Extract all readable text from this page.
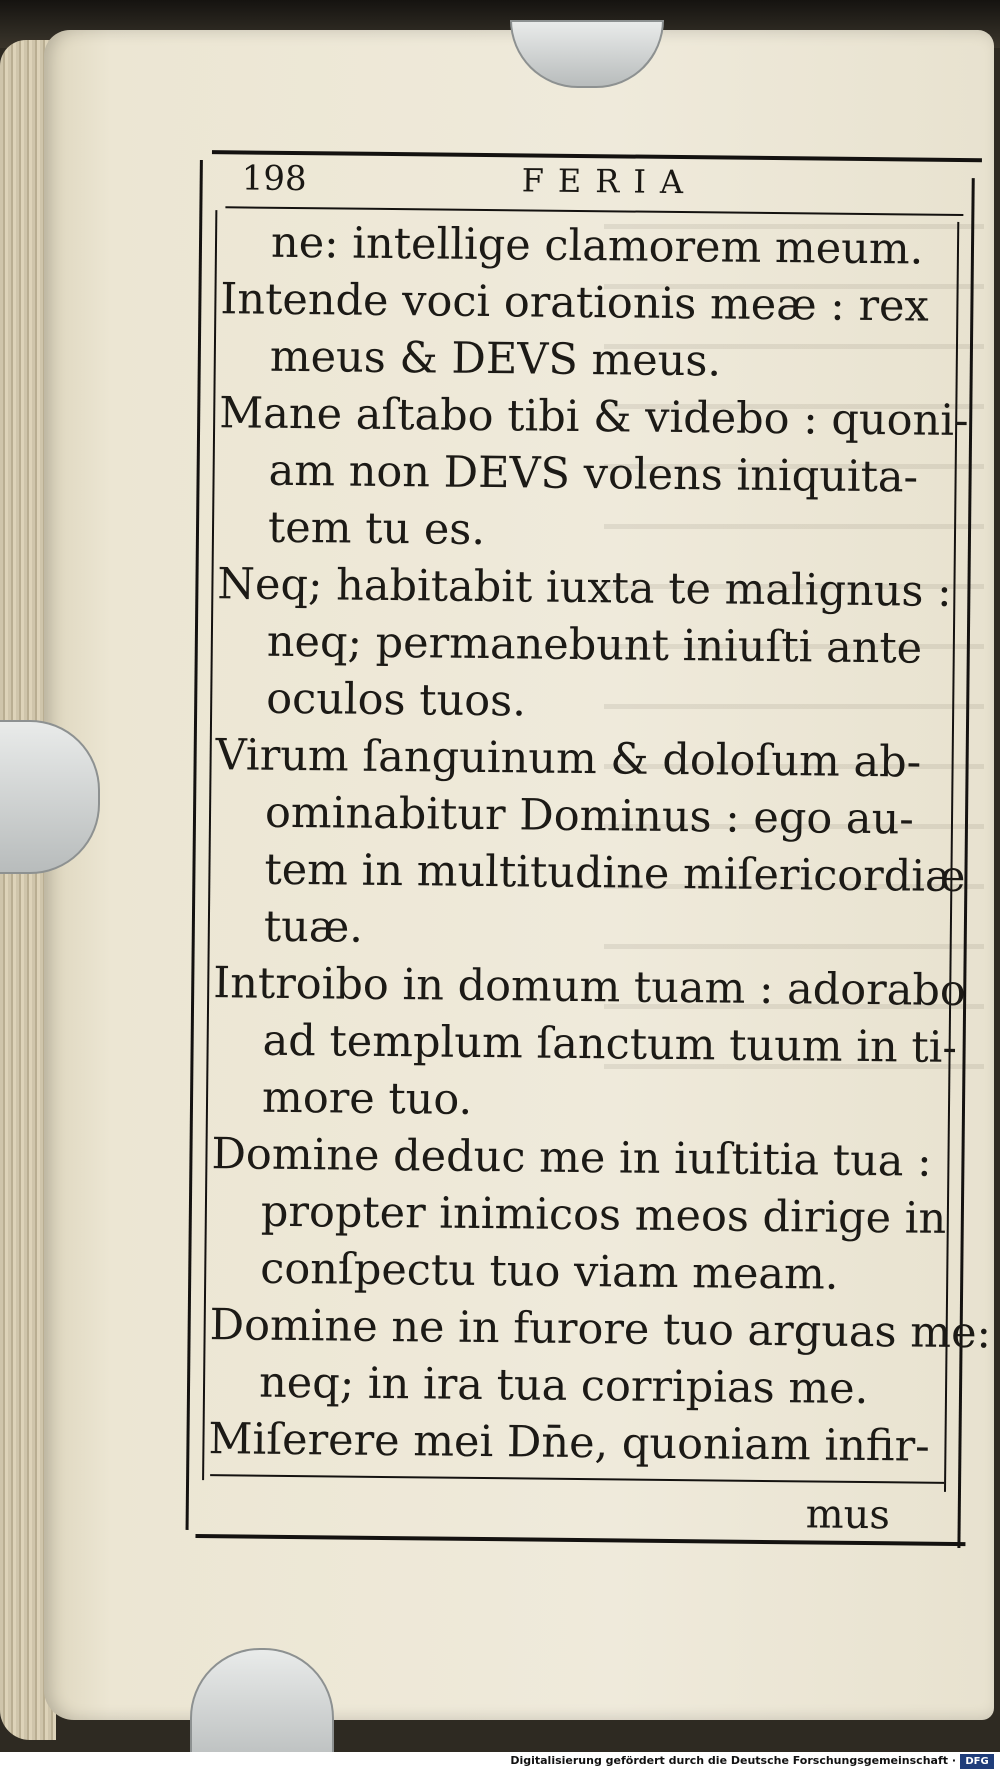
198	FERIA
ne: intellige clamorem meum.
Intende voci orationis meæ : rex
meus & DEVS meus.
Mane aſtabo tibi & videbo : quoni-
am non DEVS volens iniquita-
tem tu es.
Neq; habitabit iuxta te malignus :
neq; permanebunt iniuſti ante
oculos tuos.
Virum ſanguinum & doloſum ab-
ominabitur Dominus : ego au-
tem in multitudine miſericordiæ
tuæ.
Introibo in domum tuam : adorabo
ad templum ſanctum tuum in ti-
more tuo.
Domine deduc me in iuſtitia tua :
propter inimicos meos dirige in
conſpectu tuo viam meam.
Domine ne in furore tuo arguas me:
neq; in ira tua corripias me.
Miſerere mei Dn̄e, quoniam infir-
mus
Digitalisierung gefördert durch die Deutsche Forschungsgemeinschaft · DFG
